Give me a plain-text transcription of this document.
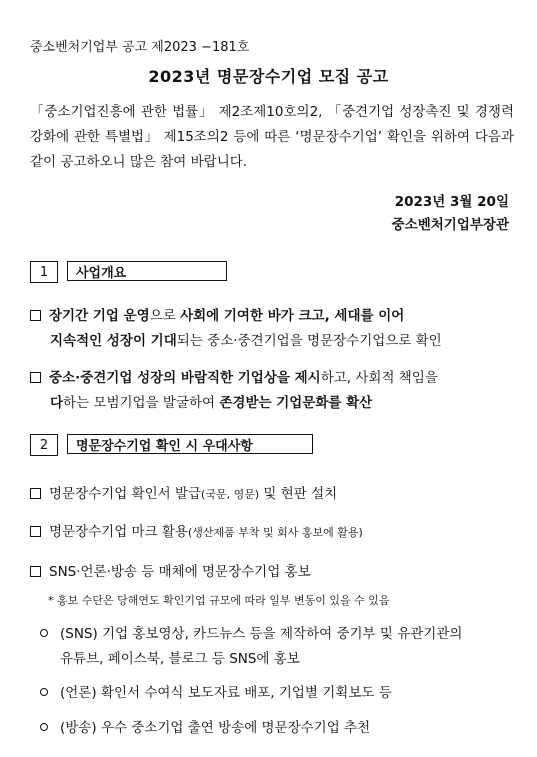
중소벤처기업부 공고 제2023 −181호
2023년 명문장수기업 모집 공고
「중소기업진흥에 관한 법률」 제2조제10호의2, 「중견기업 성장촉진 및 경쟁력 강화에 관한 특별법」 제15조의2 등에 따른 ‘명문장수기업’ 확인을 위하여 다음과 같이 공고하오니 많은 참여 바랍니다.
2023년 3월 20일
중소벤처기업부장관
1	사업개요
장기간 기업 운영으로 사회에 기여한 바가 크고, 세대를 이어
지속적인 성장이 기대되는 중소·중견기업을 명문장수기업으로 확인
중소·중견기업 성장의 바람직한 기업상을 제시하고, 사회적 책임을
다하는 모범기업을 발굴하여 존경받는 기업문화를 확산
2	명문장수기업 확인 시 우대사항
명문장수기업 확인서 발급(국문, 영문) 및 현판 설치
명문장수기업 마크 활용(생산제품 부착 및 회사 홍보에 활용)
SNS·언론·방송 등 매체에 명문장수기업 홍보
* 홍보 수단은 당해연도 확인기업 규모에 따라 일부 변동이 있을 수 있음
(SNS) 기업 홍보영상, 카드뉴스 등을 제작하여 중기부 및 유관기관의
유튜브, 페이스북, 블로그 등 SNS에 홍보
(언론) 확인서 수여식 보도자료 배포, 기업별 기획보도 등
(방송) 우수 중소기업 출연 방송에 명문장수기업 추천
